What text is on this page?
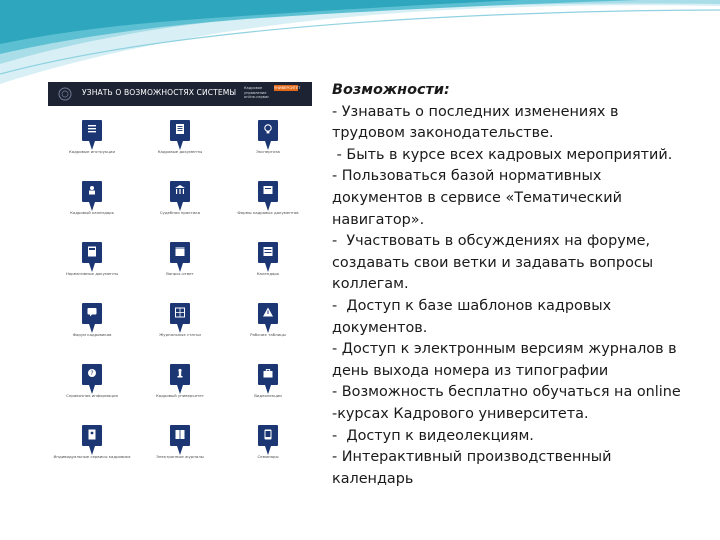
УЗНАТЬ О ВОЗМОЖНОСТЯХ СИСТЕМЫ Кадровое
управление
online-сервис
УНИВЕРСИТЕТ
Кадровые инструкции	Кадровые документы	Экспертиза
Кадровый календарь	Судебная практика	Формы кадровых документов
Нормативные документы	Вопрос-ответ	Календарь
Форум кадровиков	Журнальные статьи	Рабочие таблицы
?
Справочная информация	Кадровый университет	Видеолекции
Индивидуальные сервисы кадровика	Электронные журналы	Семинары
Возможности:
- Узнавать о последних изменениях в
трудовом законодательстве.
- Быть в курсе всех кадровых мероприятий.
- Пользоваться базой нормативных
документов в сервисе «Тематический
навигатор».
-  Участвовать в обсуждениях на форуме,
создавать свои ветки и задавать вопросы
коллегам.
-  Доступ к базе шаблонов кадровых
документов.
- Доступ к электронным версиям журналов в
день выхода номера из типографии
- Возможность бесплатно обучаться на online
-курсах Кадрового университета.
-  Доступ к видеолекциям.
- Интерактивный производственный
календарь
